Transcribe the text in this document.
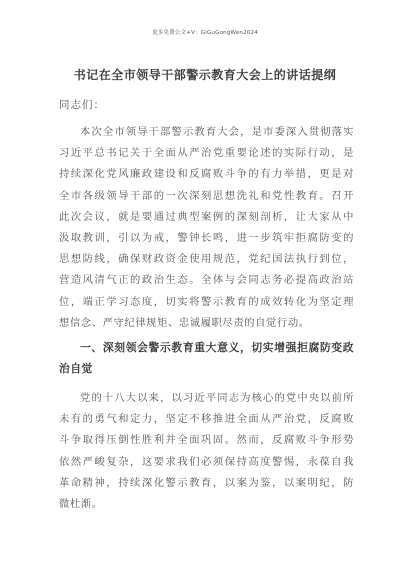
更多免费公文+V：GiGuGongWen2024
书记在全市领导干部警示教育大会上的讲话提纲
同志们：
本次全市领导干部警示教育大会，是市委深入贯彻落实
习近平总书记关于全面从严治党重要论述的实际行动，是
持续深化党风廉政建设和反腐败斗争的有力举措，更是对
全市各级领导干部的一次深刻思想洗礼和党性教育。召开
此次会议，就是要通过典型案例的深刻剖析，让大家从中
汲取教训，引以为戒，警钟长鸣，进一步筑牢拒腐防变的
思想防线，确保财政资金使用规范，党纪国法执行到位，
营造风清气正的政治生态。全体与会同志务必提高政治站
位，端正学习态度，切实将警示教育的成效转化为坚定理
想信念、严守纪律规矩、忠诚履职尽责的自觉行动。
一、深刻领会警示教育重大意义，切实增强拒腐防变政
治自觉
党的十八大以来，以习近平同志为核心的党中央以前所
未有的勇气和定力，坚定不移推进全面从严治党，反腐败
斗争取得压倒性胜利并全面巩固。然而，反腐败斗争形势
依然严峻复杂，这要求我们必须保持高度警惕，永葆自我
革命精神，持续深化警示教育，以案为鉴，以案明纪，防
微杜渐。
